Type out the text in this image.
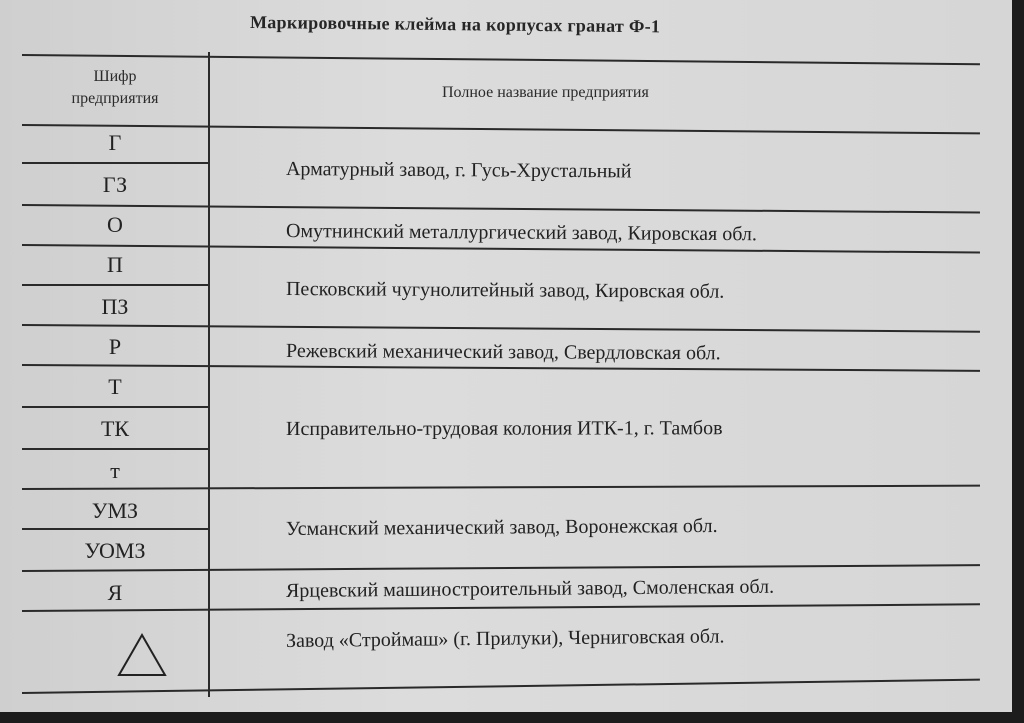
Маркировочные клейма на корпусах гранат Ф-1
Шифр
предприятия	Полное название предприятия
Г
ГЗ
О
П
ПЗ
Р
Т
ТК
т
УМЗ
УОМЗ
Я
Арматурный завод, г. Гусь-Хрустальный
Омутнинский металлургический завод, Кировская обл.
Песковский чугунолитейный завод, Кировская обл.
Режевский механический завод, Свердловская обл.
Исправительно-трудовая колония ИТК-1, г. Тамбов
Усманский механический завод, Воронежская обл.
Ярцевский машиностроительный завод, Смоленская обл.
Завод «Строймаш» (г. Прилуки), Черниговская обл.
